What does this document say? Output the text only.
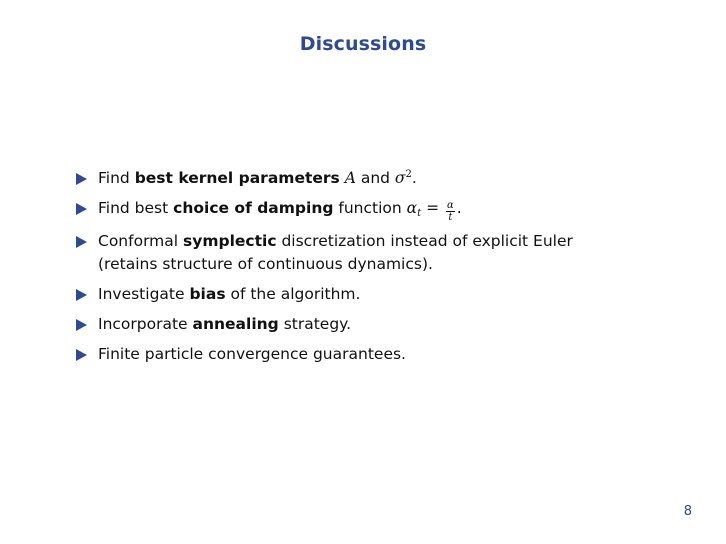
Discussions
Find best kernel parameters A and $\sigma^2$.
Find best choice of damping function $\alpha_t = \frac{\alpha}{t}$ .
Conformal symplectic discretization instead of explicit Euler
(retains structure of continuous dynamics).
Investigate bias of the algorithm.
Incorporate annealing strategy.
Finite particle convergence guarantees.
8
